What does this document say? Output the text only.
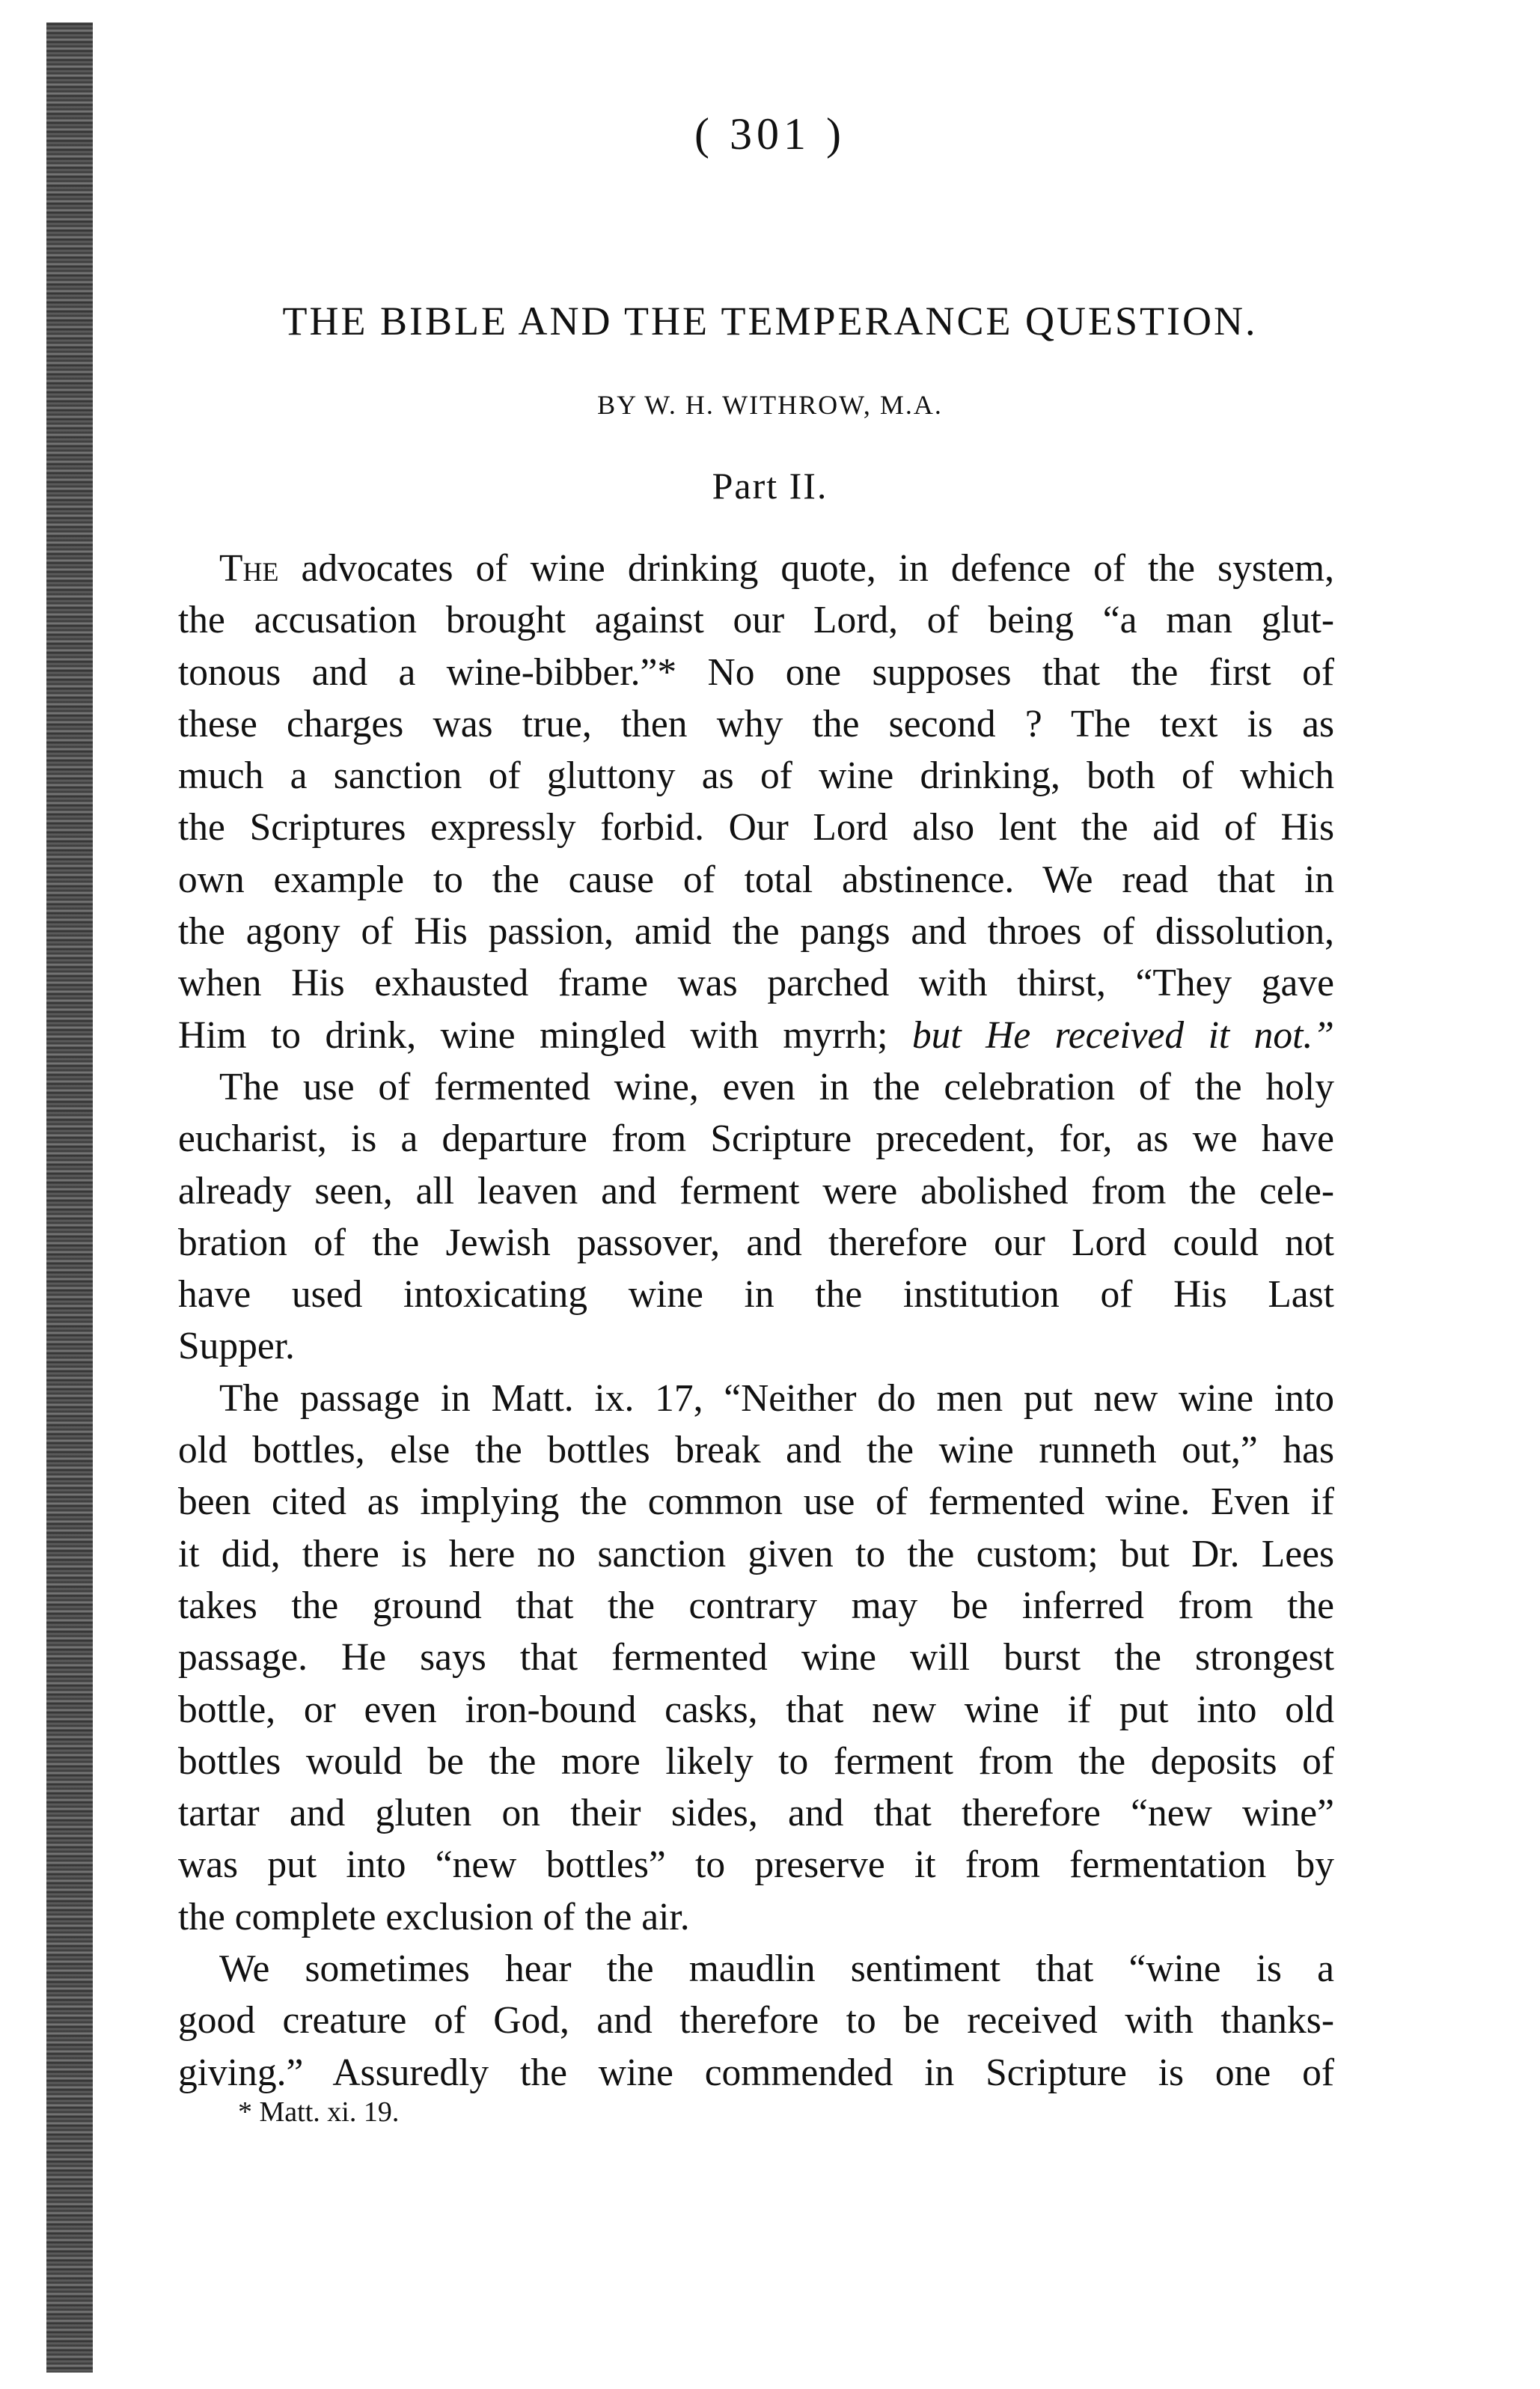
( 301 )
THE BIBLE AND THE TEMPERANCE QUESTION.
BY W. H. WITHROW, M.A.
Part II.
The advocates of wine drinking quote, in defence of the system,
the accusation brought against our Lord, of being “a man glut-
tonous and a wine-bibber.”* No one supposes that the first of
these charges was true, then why the second ? The text is as
much a sanction of gluttony as of wine drinking, both of which
the Scriptures expressly forbid. Our Lord also lent the aid of His
own example to the cause of total abstinence. We read that in
the agony of His passion, amid the pangs and throes of dissolution,
when His exhausted frame was parched with thirst, “They gave
Him to drink, wine mingled with myrrh; but He received it not.”
The use of fermented wine, even in the celebration of the holy
eucharist, is a departure from Scripture precedent, for, as we have
already seen, all leaven and ferment were abolished from the cele-
bration of the Jewish passover, and therefore our Lord could not
have used intoxicating wine in the institution of His Last
Supper.
The passage in Matt. ix. 17, “Neither do men put new wine into
old bottles, else the bottles break and the wine runneth out,” has
been cited as implying the common use of fermented wine. Even if
it did, there is here no sanction given to the custom; but Dr. Lees
takes the ground that the contrary may be inferred from the
passage. He says that fermented wine will burst the strongest
bottle, or even iron-bound casks, that new wine if put into old
bottles would be the more likely to ferment from the deposits of
tartar and gluten on their sides, and that therefore “new wine”
was put into “new bottles” to preserve it from fermentation by
the complete exclusion of the air.
We sometimes hear the maudlin sentiment that “wine is a
good creature of God, and therefore to be received with thanks-
giving.” Assuredly the wine commended in Scripture is one of
* Matt. xi. 19.
